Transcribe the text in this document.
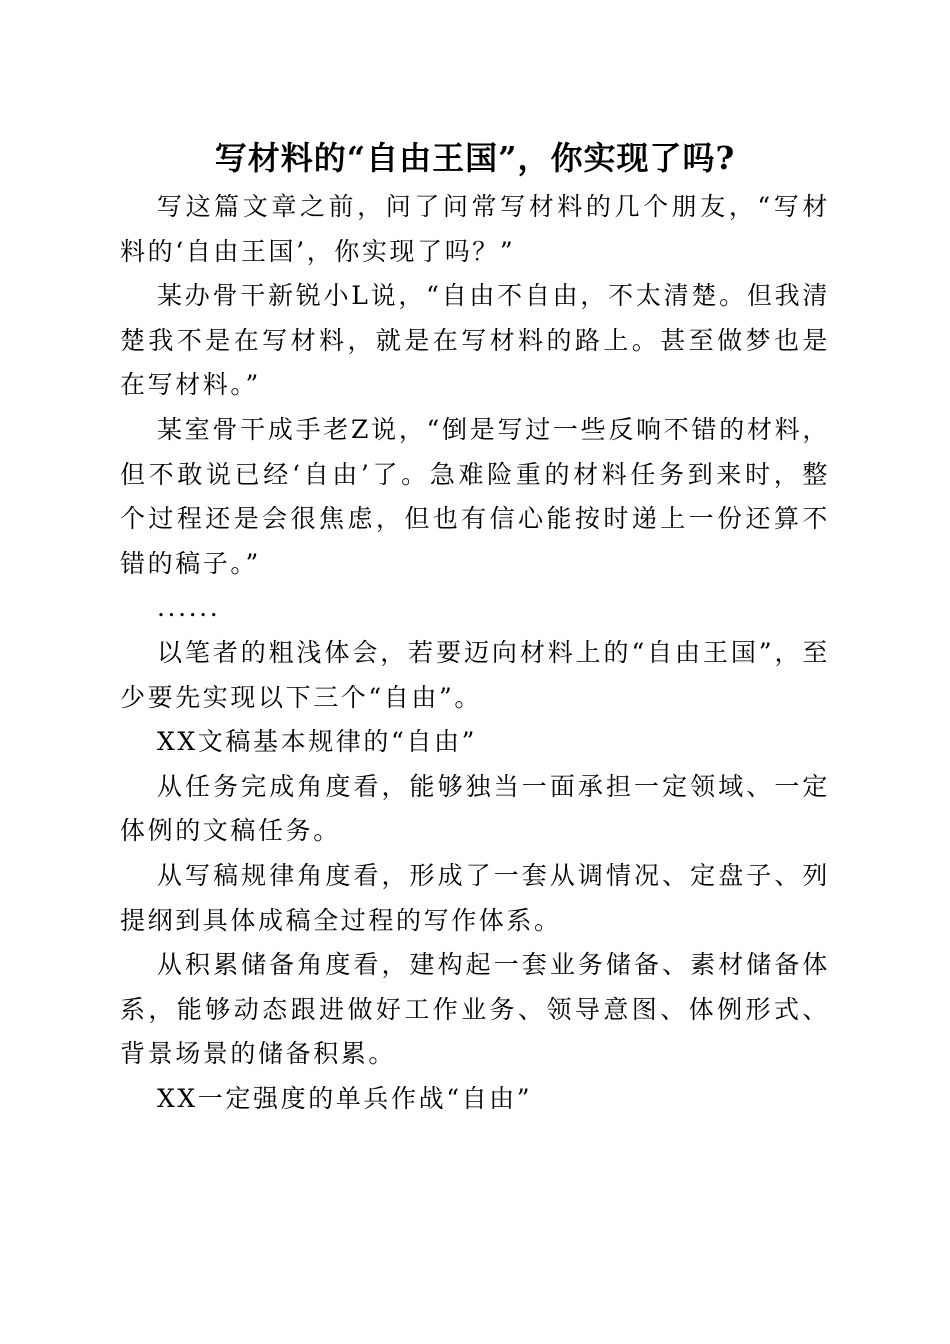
写材料的“自由王国”，你实现了吗?

写这篇文章之前，问了问常写材料的几个朋友，“写材料的‘自由王国’，你实现了吗？”

某办骨干新锐小L说，“自由不自由，不太清楚。但我清楚我不是在写材料，就是在写材料的路上。甚至做梦也是在写材料。”

某室骨干成手老Z说，“倒是写过一些反响不错的材料，但不敢说已经‘自由’了。急难险重的材料任务到来时，整个过程还是会很焦虑，但也有信心能按时递上一份还算不错的稿子。”

......

以笔者的粗浅体会，若要迈向材料上的“自由王国”，至少要先实现以下三个“自由”。

XX文稿基本规律的“自由”

从任务完成角度看，能够独当一面承担一定领域、一定体例的文稿任务。

从写稿规律角度看，形成了一套从调情况、定盘子、列提纲到具体成稿全过程的写作体系。

从积累储备角度看，建构起一套业务储备、素材储备体系，能够动态跟进做好工作业务、领导意图、体例形式、背景场景的储备积累。

XX一定强度的单兵作战“自由”
